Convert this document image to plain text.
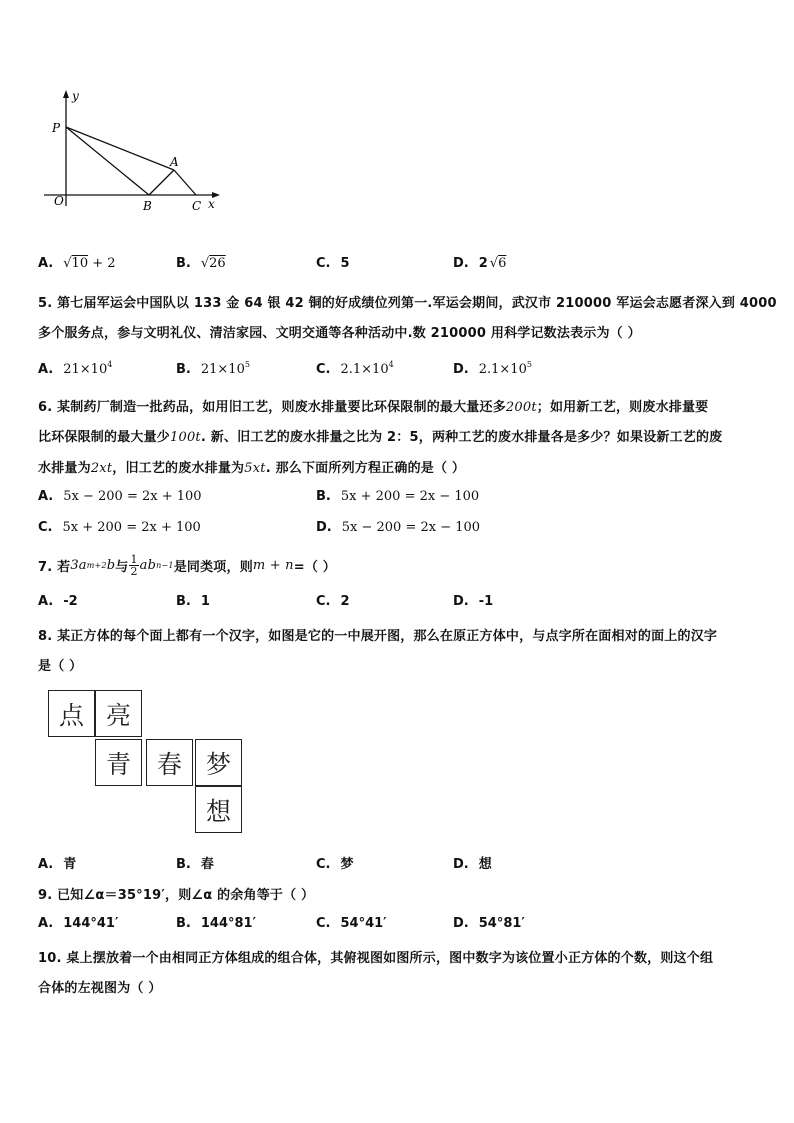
y
P
A
O	B	C x
A. √10 + 2	B. √26	C. 5	D. 2 √6
5. 第七届军运会中国队以 133 金 64 银 42 铜的好成绩位列第一.军运会期间，武汉市 210000 军运会志愿者深入到 4000
多个服务点，参与文明礼仪、清洁家园、文明交通等各种活动中.数 210000 用科学记数法表示为（ ）
A. $21\times 10^4$	B. $21\times 10^5$	C. $2.1\times 10^4$	D. $2.1\times 10^5$
6. 某制药厂制造一批药品，如用旧工艺，则废水排量要比环保限制的最大量还多200t；如用新工艺，则废水排量要
比环保限制的最大量少100t. 新、旧工艺的废水排量之比为 2：5，两种工艺的废水排量各是多少？如果设新工艺的废
水排量为2xt，旧工艺的废水排量为5xt. 那么下面所列方程正确的是（ ）
A. 5x − 200 = 2x + 100	B. 5x + 200 = 2x − 100
C. 5x + 200 = 2x + 100	D. 5x − 200 = 2x − 100
7. 若 3a m+2 b 与 $\frac{1}{2}$ ab n−1 是同类项，则 m + n =（ ）
A. -2	B. 1	C. 2	D. -1
8. 某正方体的每个面上都有一个汉字，如图是它的一中展开图，那么在原正方体中，与点字所在面相对的面上的汉字
是（ ）
点 亮
青	春 梦
想
A. 青	B. 春	C. 梦	D. 想
9. 已知∠α＝35°19′，则∠α 的余角等于（ ）
A. 144°41′	B. 144°81′	C. 54°41′	D. 54°81′
10. 桌上摆放着一个由相同正方体组成的组合体，其俯视图如图所示，图中数字为该位置小正方体的个数，则这个组
合体的左视图为（ ）
